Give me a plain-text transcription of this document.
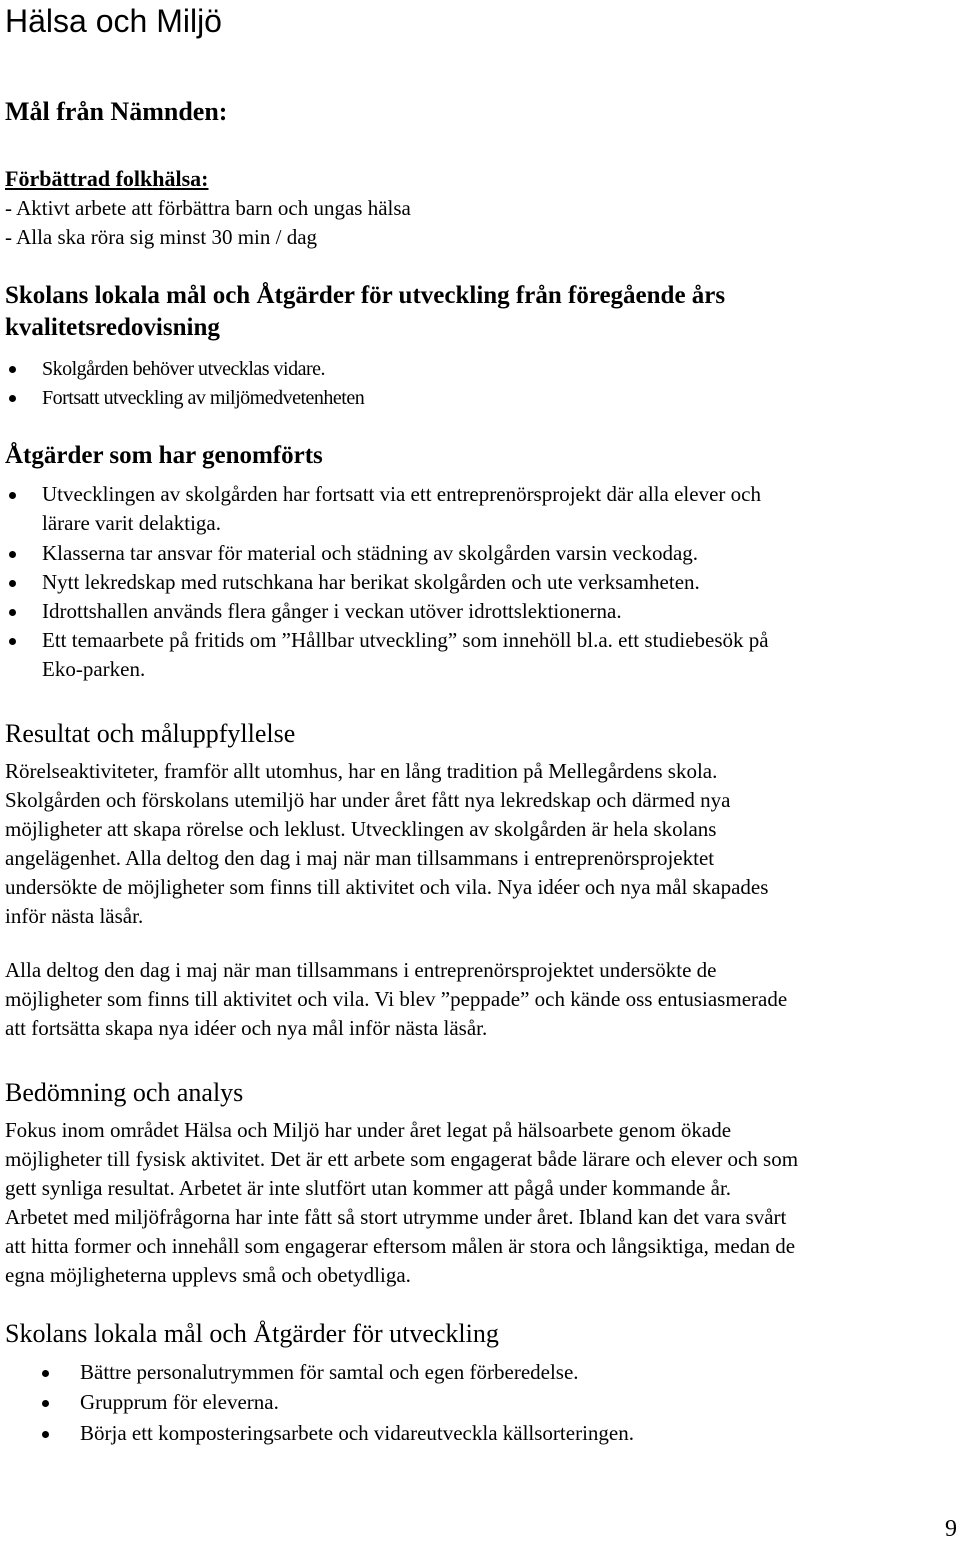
Hälsa och Miljö
Mål från Nämnden:
Förbättrad folkhälsa:
- Aktivt arbete att förbättra barn och ungas hälsa
- Alla ska röra sig minst 30 min / dag
Skolans lokala mål och Åtgärder för utveckling från föregående års
kvalitetsredovisning
Skolgården behöver utvecklas vidare.
Fortsatt utveckling av miljömedvetenheten
Åtgärder som har genomförts
Utvecklingen av skolgården har fortsatt via ett entreprenörsprojekt där alla elever och
lärare varit delaktiga.
Klasserna tar ansvar för material och städning av skolgården varsin veckodag.
Nytt lekredskap med rutschkana har berikat skolgården och ute verksamheten.
Idrottshallen används flera gånger i veckan utöver idrottslektionerna.
Ett temaarbete på fritids om ”Hållbar utveckling” som innehöll bl.a. ett studiebesök på
Eko-parken.
Resultat och måluppfyllelse
Rörelseaktiviteter, framför allt utomhus, har en lång tradition på Mellegårdens skola.
Skolgården och förskolans utemiljö har under året fått nya lekredskap och därmed nya
möjligheter att skapa rörelse och leklust. Utvecklingen av skolgården är hela skolans
angelägenhet. Alla deltog den dag i maj när man tillsammans i entreprenörsprojektet
undersökte de möjligheter som finns till aktivitet och vila. Nya idéer och nya mål skapades
inför nästa läsår.
Alla deltog den dag i maj när man tillsammans i entreprenörsprojektet undersökte de
möjligheter som finns till aktivitet och vila. Vi blev ”peppade” och kände oss entusiasmerade
att fortsätta skapa nya idéer och nya mål inför nästa läsår.
Bedömning och analys
Fokus inom området Hälsa och Miljö har under året legat på hälsoarbete genom ökade
möjligheter till fysisk aktivitet. Det är ett arbete som engagerat både lärare och elever och som
gett synliga resultat. Arbetet är inte slutfört utan kommer att pågå under kommande år.
Arbetet med miljöfrågorna har inte fått så stort utrymme under året. Ibland kan det vara svårt
att hitta former och innehåll som engagerar eftersom målen är stora och långsiktiga, medan de
egna möjligheterna upplevs små och obetydliga.
Skolans lokala mål och Åtgärder för utveckling
Bättre personalutrymmen för samtal och egen förberedelse.
Grupprum för eleverna.
Börja ett komposteringsarbete och vidareutveckla källsorteringen.
9
